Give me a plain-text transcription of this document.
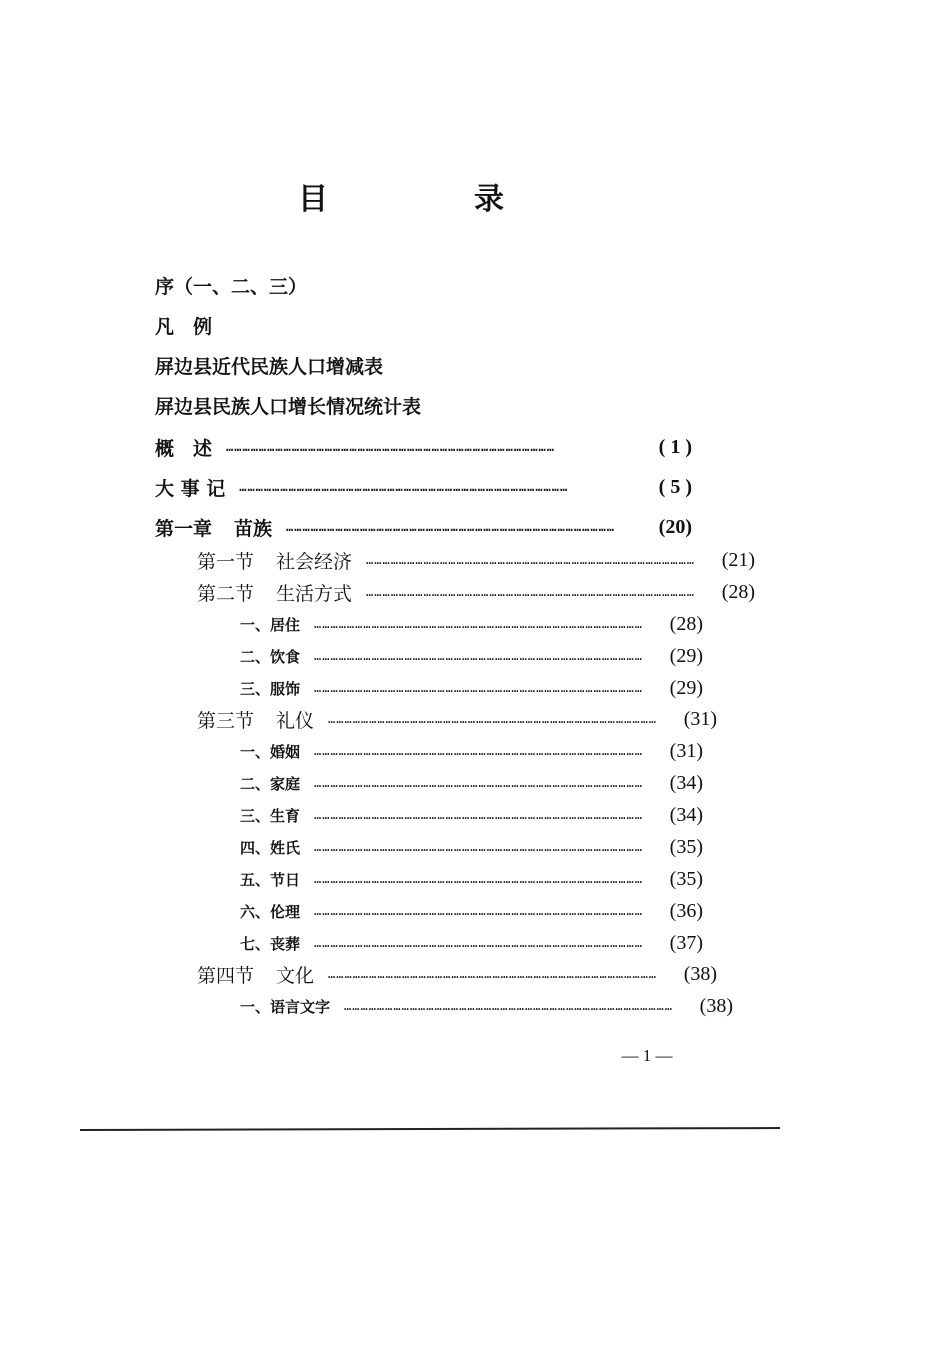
目　录
序（一、二、三）
凡　例
屏边县近代民族人口增减表
屏边县民族人口增长情况统计表
概　述 …………………………………………………………………………………………………………	( 1 )
大 事 记 …………………………………………………………………………………………………………	( 5 )
第一章 苗族 …………………………………………………………………………………………………………	(20)
第一节 社会经济 …………………………………………………………………………………………………………	(21)
第二节 生活方式 …………………………………………………………………………………………………………	(28)
一、居住 …………………………………………………………………………………………………………	(28)
二、饮食 …………………………………………………………………………………………………………	(29)
三、服饰 …………………………………………………………………………………………………………	(29)
第三节 礼仪 …………………………………………………………………………………………………………	(31)
一、婚姻 …………………………………………………………………………………………………………	(31)
二、家庭 …………………………………………………………………………………………………………	(34)
三、生育 …………………………………………………………………………………………………………	(34)
四、姓氏 …………………………………………………………………………………………………………	(35)
五、节日 …………………………………………………………………………………………………………	(35)
六、伦理 …………………………………………………………………………………………………………	(36)
七、丧葬 …………………………………………………………………………………………………………	(37)
第四节 文化 …………………………………………………………………………………………………………	(38)
一、语言文字 …………………………………………………………………………………………………………	(38)
— 1 —
